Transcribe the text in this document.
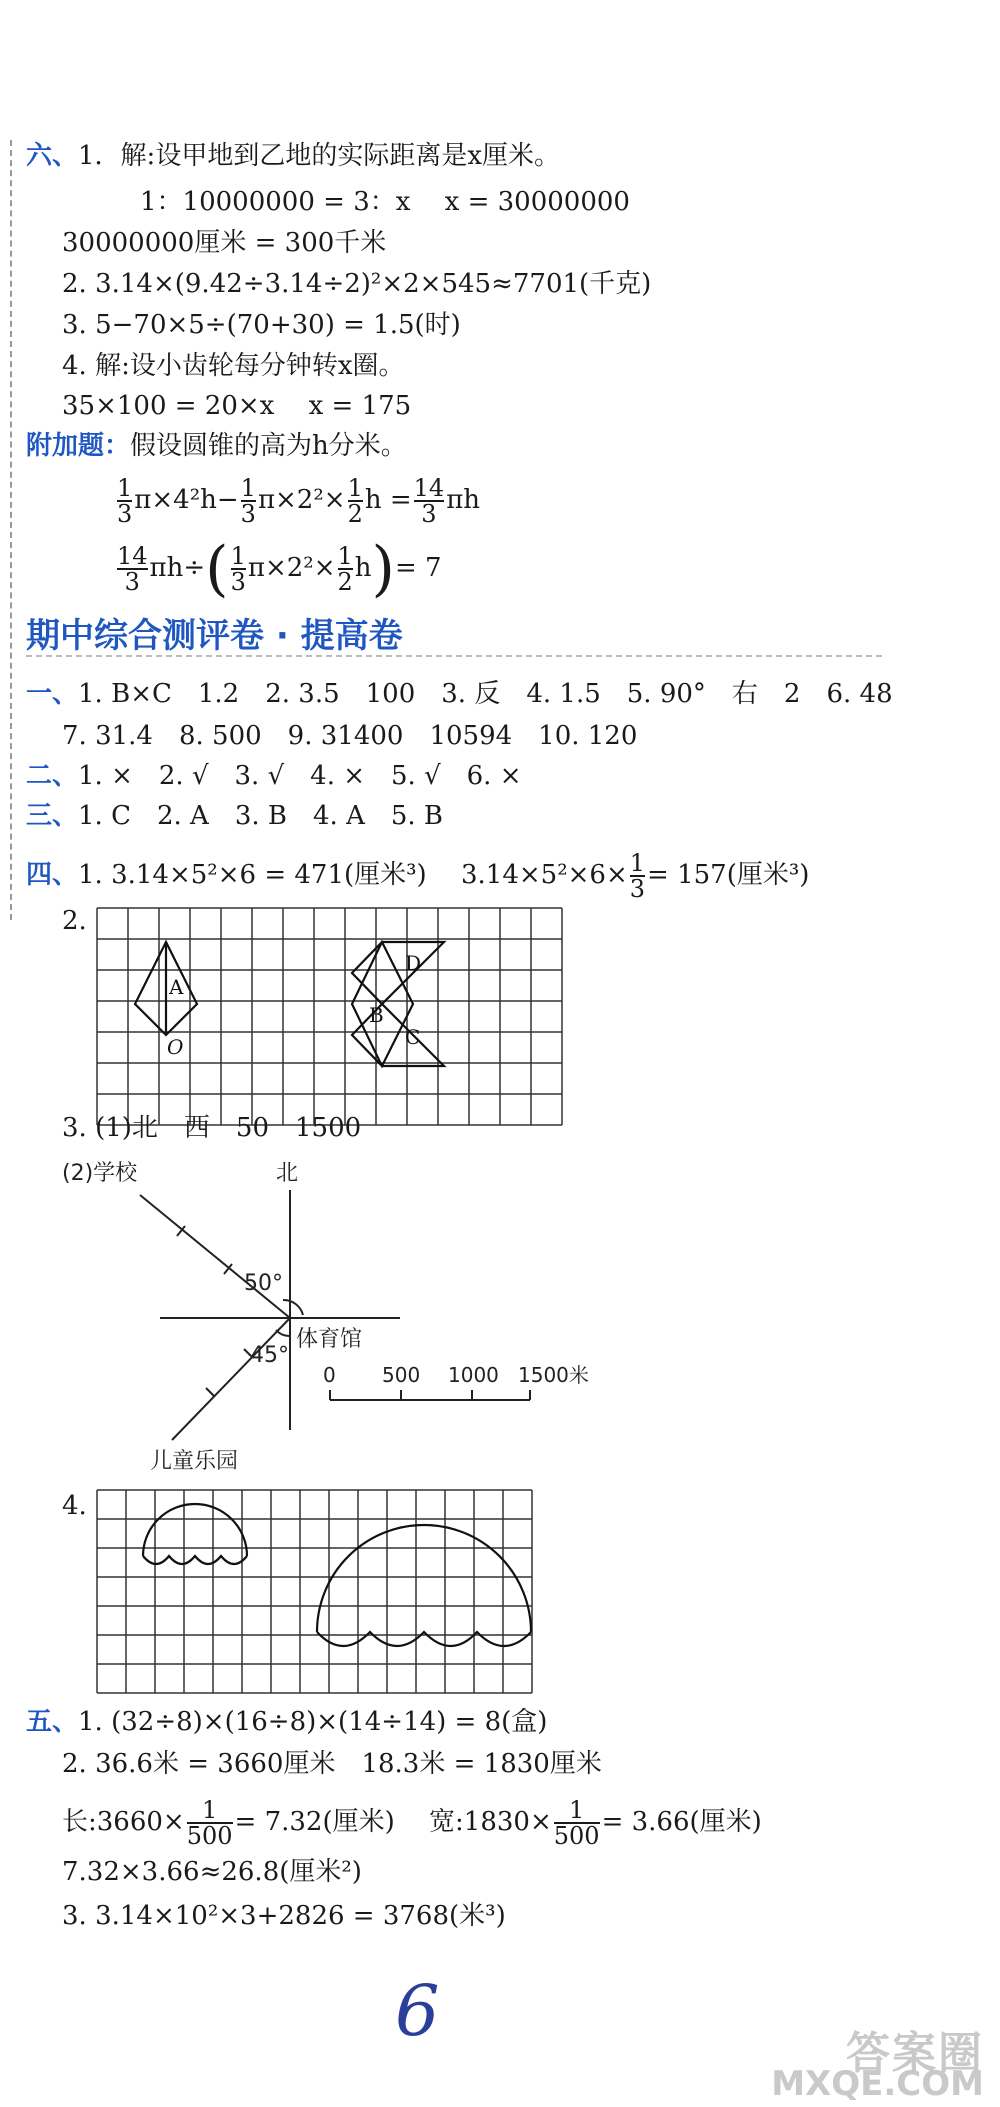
六、1．解:设甲地到乙地的实际距离是x厘米。
1：10000000 = 3：x　 x = 30000000
30000000厘米 = 300千米
2. 3.14×(9.42÷3.14÷2)²×2×545≈7701(千克)
3. 5−70×5÷(70+30) = 1.5(时)
4. 解:设小齿轮每分钟转x圈。
35×100 = 20×x　 x = 175
附加题：假设圆锥的高为h分米。
$\frac{1}{3} \pi\times 4^2h- \frac{1}{3} \pi\times 2^2\times \frac{1}{2}$ $h = \frac{14}{3}$ πh
$\frac{14}{3} \pi h\div( \frac{1}{3} \pi\times 2^2\times \frac{1}{2} h)= 7$
期中综合测评卷 · 提高卷
一、1. B×C　1.2　2. 3.5　100　3. 反　4. 1.5　5. 90°　右　2　6. 48
7. 31.4　8. 500　9. 31400　10594　10. 120
二、1. ×　2. √　3. √　4. ×　5. √　6. ×
三、1. C　2. A　3. B　4. A　5. B
四、1. 3.14×5²×6 = 471(厘米³)　 $3.14\times 5^2\times 6\times \frac{1}{3} = 157$(厘米³)
2.
A
O
B
C
D
3. (1)北　西　50　1500
(2)学校	北
50°
45°
体育馆
儿童乐园
0 500 1000 1500米
4.
五、1. (32÷8)×(16÷8)×(14÷14) = 8(盒)
2. 36.6米 = 3660厘米　18.3米 = 1830厘米
长:3660× $\frac{1}{500} = 7.32$(厘米)　 宽:1830× $\frac{1}{500} = 3.66$(厘米)
7.32×3.66≈26.8(厘米²)
3. 3.14×10²×3+2826 = 3768(米³)
6
答案圈
MXQE.COM
